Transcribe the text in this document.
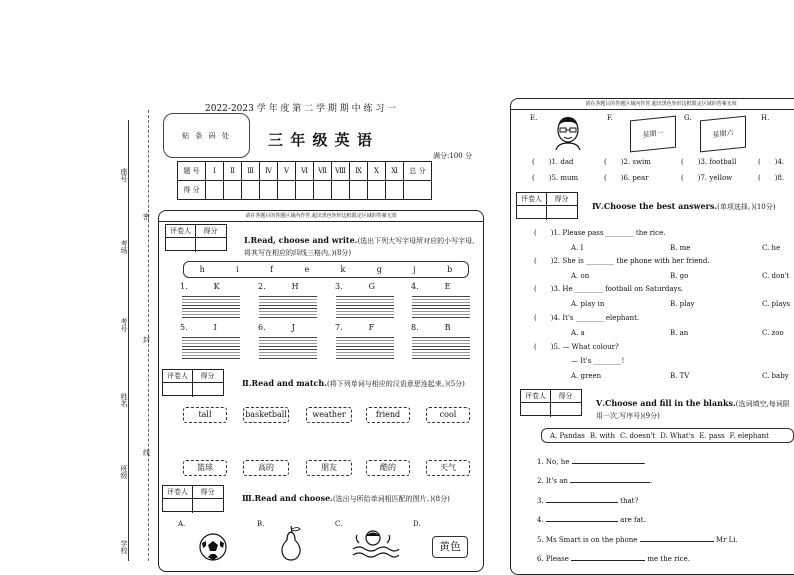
座号
考场
考号
姓名
班级
学校
密
封
线
2022-2023 学 年 度 第 二 学 期 期 中 练 习 一
贴 条 码 处 三 年 级 英 语
满分:100 分
题 号	Ⅰ	Ⅱ	Ⅲ	Ⅳ	Ⅴ	Ⅵ	Ⅶ	Ⅷ	Ⅸ	Ⅹ	Ⅺ	总 分
得 分												
请在各题目的答题区域内作答,超出黑色矩形边框限定区域的答案无效
评卷人	得分
Ⅰ.Read, choose and write.(选出下列大写字母所对应的小写字母,将其写在相应的四线三格内。)(8分)
h	i	f	e	k	g	j	b
1.	K	2.	H	3.	G	4.	E
5.	I	6.	J	7.	F	8.	B
评卷人	得分
Ⅱ.Read and match.(将下列单词与相应的汉语意思连起来。)(5分)
tall	basketball	weather	friend	cool
篮球	高的	朋友	酷的	天气
评卷人	得分
Ⅲ.Read and choose.(选出与所给单词相匹配的图片。)(8分)
A.	B.	C.	D.
黄色
请在各题目的答题区域内作答,超出黑色矩形边框限定区域的答案无效
E.	F.	G.	H.
星期一	星期六
( )1. dad	( )2. swim	( )3. football	( )4.
( )5. mum	( )6. pear	( )7. yellow	( )8.
评卷人	得分
Ⅳ.Choose the best answers.(单项选择。)(10分)
( )1. Please pass ________ the rice.
A. I	B. me	C. he
( )2. She is ________ the phone with her friend.
A. on	B. go	C. don't
( )3. He ________ football on Saturdays.
A. play in	B. play	C. plays
( )4. It's ________ elephant.
A. a	B. an	C. zoo
( )5. — What colour?
— It's ________!
A. green	B. TV	C. baby
评卷人	得分
Ⅴ.Choose and fill in the blanks.(选词填空,每词限用一次,写序号)(9分)
A. Pandas B. with C. doesn't D. What's E. pass F. elephant
1. No, he	.
2. It's an	.
3.	that?
4.	are fat.
5. Ms Smart is on the phone	Mr Li.
6. Please	me the rice.
